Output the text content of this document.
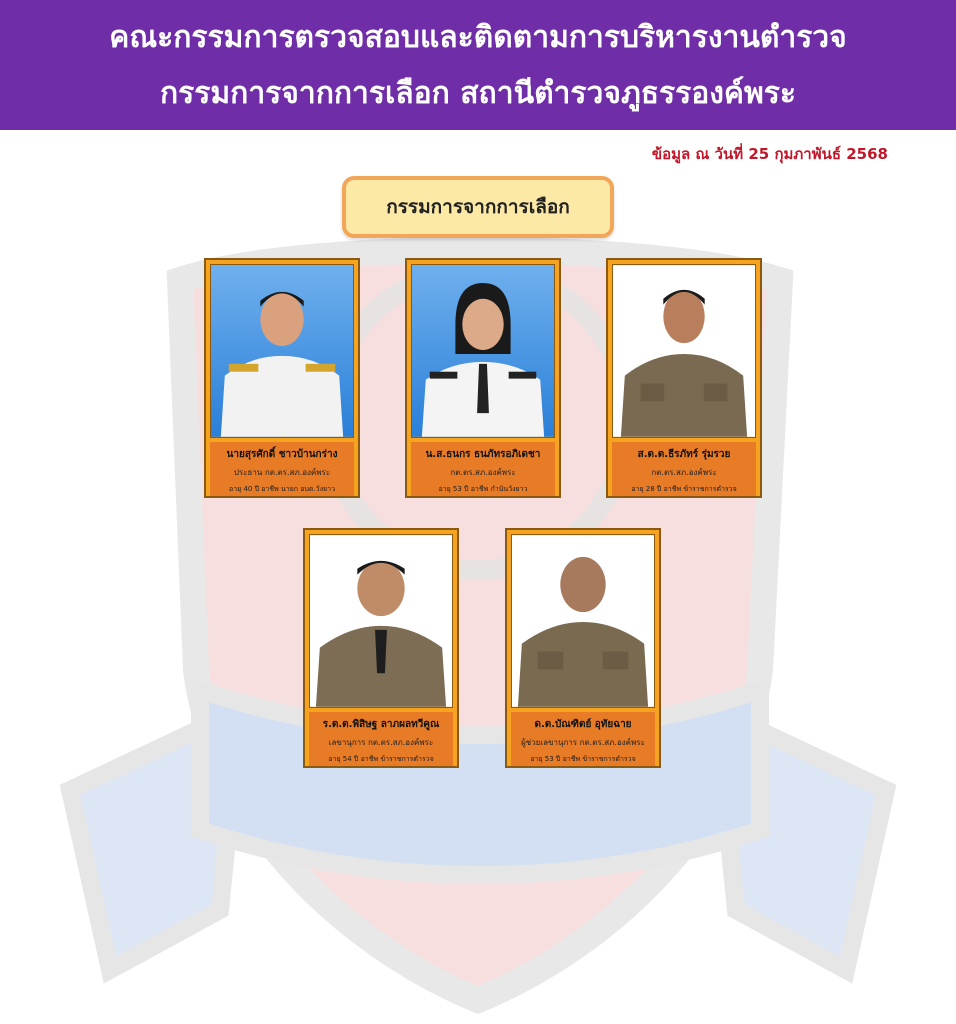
คณะกรรมการตรวจสอบและติดตามการบริหารงานตำรวจ
กรรมการจากการเลือก สถานีตำรวจภูธรรองค์พระ
ข้อมูล ณ วันที่ 25 กุมภาพันธ์ 2568
กรรมการจากการเลือก
นายสุรศักดิ์ ชาวบ้านกร่าง
ประธาน กต.ตร.สภ.องค์พระ
อายุ 40 ปี อาชีพ นายก อบต.วังยาว
น.ส.ธนกร ธนภัทรอภิเดชา
กต.ตร.สภ.องค์พระ
อายุ 53 ปี อาชีพ กำนันวังยาว
ส.ต.ต.ธีรภัทร์ รุ่มรวย
กต.ตร.สภ.องค์พระ
อายุ 28 ปี อาชีพ ข้าราชการตำรวจ
ร.ต.ต.พิสิษฐ ลาภผลทวีคูณ
เลขานุการ กต.ตร.สภ.องค์พระ
อายุ 54 ปี อาชีพ ข้าราชการตำรวจ
ด.ต.บัณฑิตย์ อุทัยฉาย
ผู้ช่วยเลขานุการ กต.ตร.สภ.องค์พระ
อายุ 53 ปี อาชีพ ข้าราชการตำรวจ
